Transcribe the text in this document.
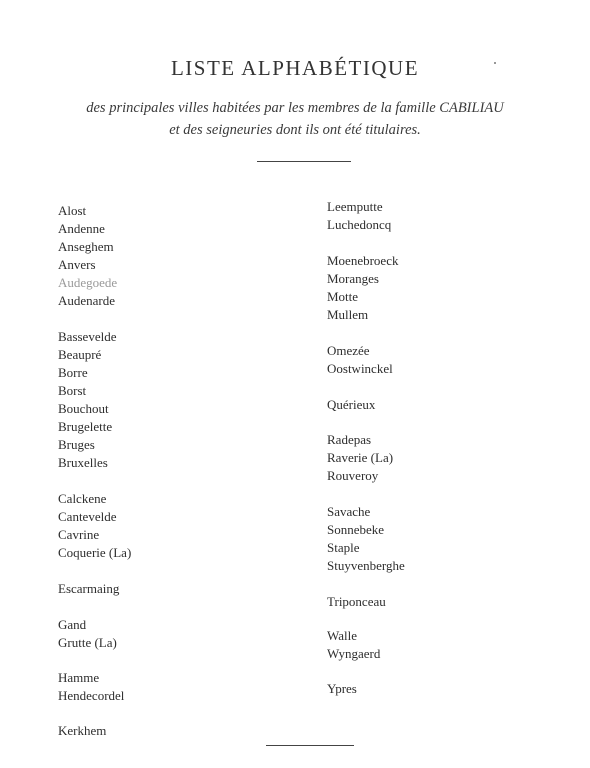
LISTE ALPHABÉTIQUE
des principales villes habitées par les membres de la famille CABILIAU
et des seigneuries dont ils ont été titulaires.
Alost
Andenne
Anseghem
Anvers
Audegoede
Audenarde
Bassevelde
Beaupré
Borre
Borst
Bouchout
Brugelette
Bruges
Bruxelles
Calckene
Cantevelde
Cavrine
Coquerie (La)
Escarmaing
Gand
Grutte (La)
Hamme
Hendecordel
Kerkhem
Leemputte
Luchedoncq
Moenebroeck
Moranges
Motte
Mullem
Omezée
Oostwinckel
Quérieux
Radepas
Raverie (La)
Rouveroy
Savache
Sonnebeke
Staple
Stuyvenberghe
Triponceau
Walle
Wyngaerd
Ypres
